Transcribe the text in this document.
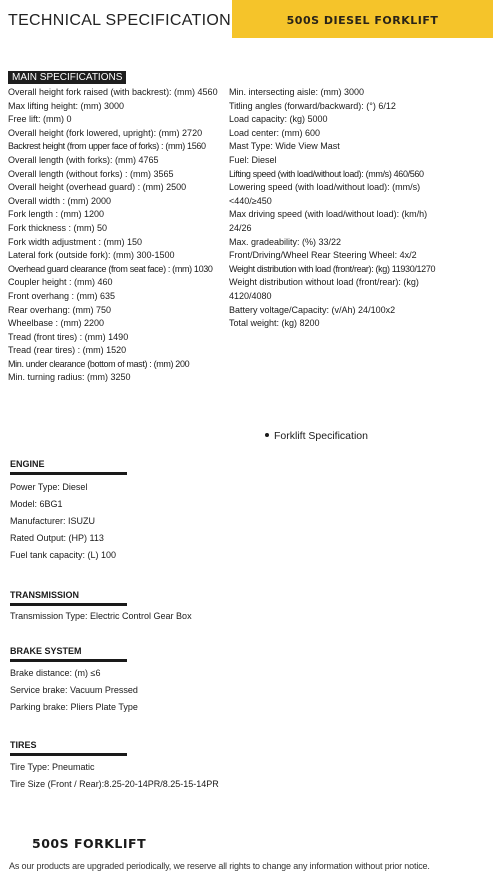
TECHNICAL SPECIFICATION	500S DIESEL FORKLIFT
MAIN SPECIFICATIONS
Overall height fork raised (with backrest): (mm) 4560
Max lifting height: (mm) 3000
Free lift: (mm) 0
Overall height (fork lowered, upright): (mm) 2720
Backrest height (from upper face of forks) : (mm) 1560
Overall length (with forks): (mm) 4765
Overall length (without forks) : (mm) 3565
Overall height (overhead guard) : (mm) 2500
Overall width : (mm) 2000
Fork length : (mm) 1200
Fork thickness : (mm) 50
Fork width adjustment : (mm) 150
Lateral fork (outside fork): (mm) 300-1500
Overhead guard clearance (from seat face) : (mm) 1030
Coupler height : (mm) 460
Front overhang : (mm) 635
Rear overhang: (mm) 750
Wheelbase : (mm) 2200
Tread (front tires) : (mm) 1490
Tread (rear tires) : (mm) 1520
Min. under clearance (bottom of mast) : (mm) 200
Min. turning radius: (mm) 3250
Min. intersecting aisle: (mm) 3000
Titling angles (forward/backward): (°) 6/12
Load capacity: (kg) 5000
Load center: (mm) 600
Mast Type: Wide View Mast
Fuel: Diesel
Lifting speed (with load/without load): (mm/s) 460/560
Lowering speed (with load/without load): (mm/s) <440/≥450
Max driving speed (with load/without load): (km/h) 24/26
Max. gradeability: (%) 33/22
Front/Driving/Wheel Rear Steering Wheel: 4x/2
Weight distribution with load (front/rear): (kg) 11930/1270
Weight distribution without load (front/rear): (kg) 4120/4080
Battery voltage/Capacity: (v/Ah) 24/100x2
Total weight: (kg) 8200
Forklift Specification
ENGINE
Power Type: Diesel
Model: 6BG1
Manufacturer: ISUZU
Rated Output: (HP) 113
Fuel tank capacity: (L) 100
TRANSMISSION
Transmission Type: Electric Control Gear Box
BRAKE SYSTEM
Brake distance: (m) ≤6
Service brake: Vacuum Pressed
Parking brake: Pliers Plate Type
TIRES
Tire Type: Pneumatic
Tire Size (Front / Rear):8.25-20-14PR/8.25-15-14PR
500S FORKLIFT
As our products are upgraded periodically, we reserve all rights to change any information without prior notice.
